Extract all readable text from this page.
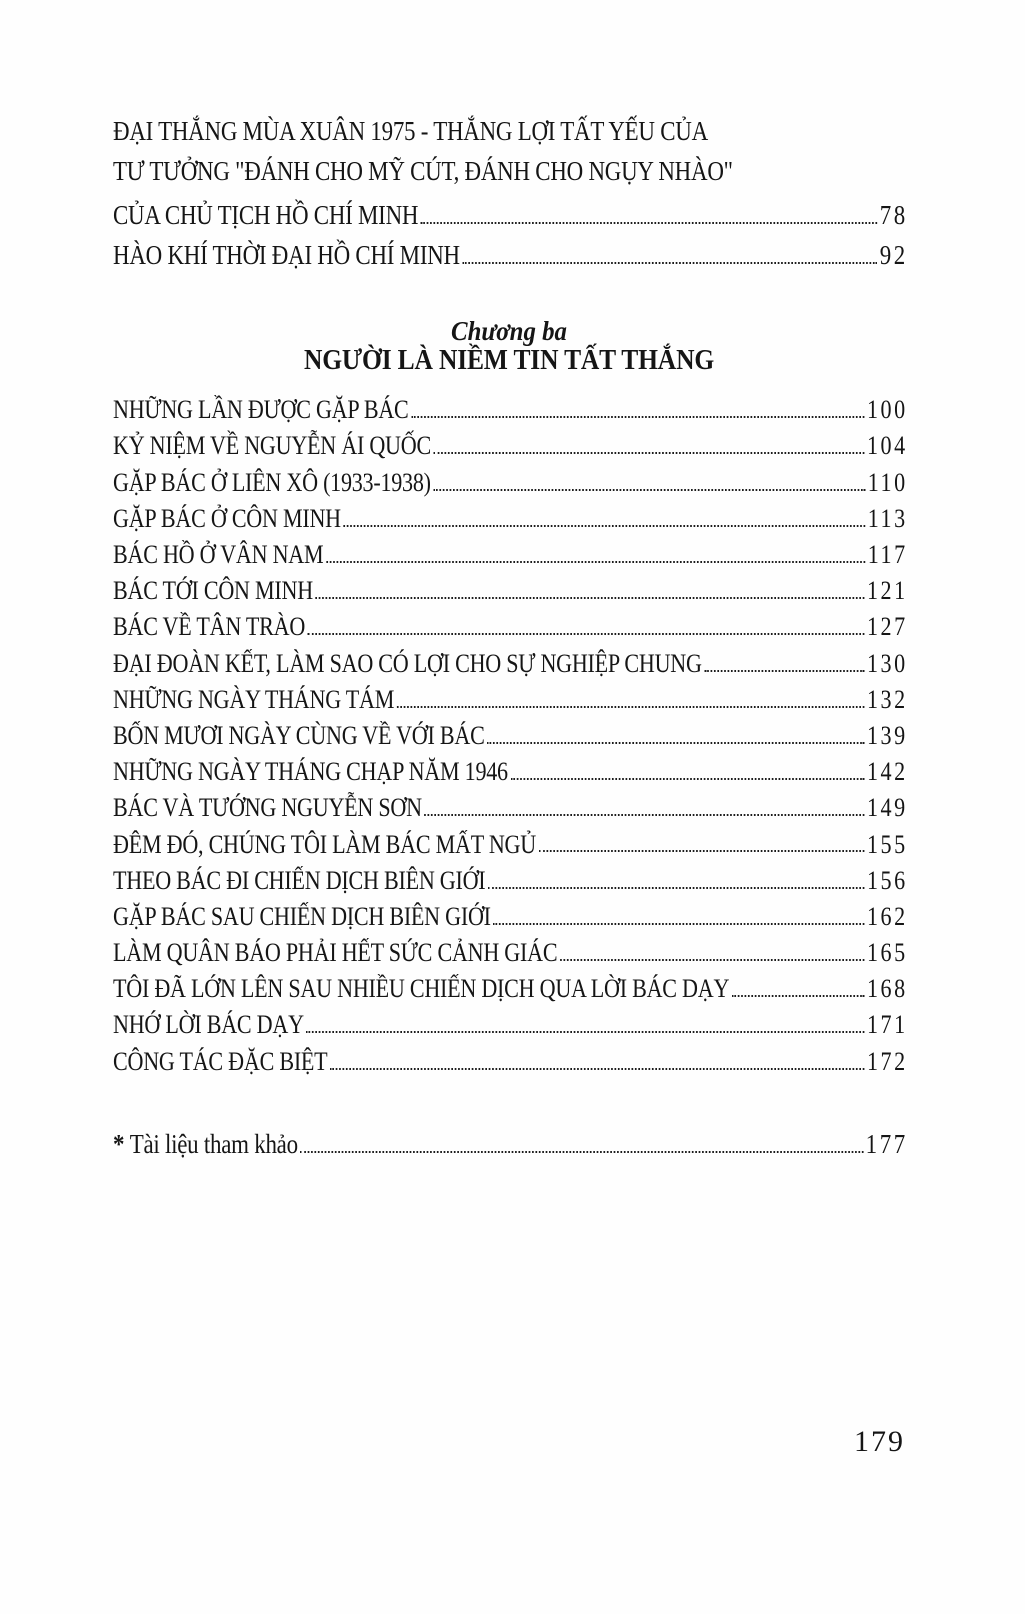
ĐẠI THẮNG MÙA XUÂN 1975 - THẮNG LỢI TẤT YẾU CỦA
TƯ TƯỞNG "ĐÁNH CHO MỸ CÚT, ĐÁNH CHO NGỤY NHÀO"
CỦA CHỦ TỊCH HỒ CHÍ MINH	78
HÀO KHÍ THỜI ĐẠI HỒ CHÍ MINH	92
Chương ba
NGƯỜI LÀ NIỀM TIN TẤT THẮNG
NHỮNG LẦN ĐƯỢC GẶP BÁC	100
KỶ NIỆM VỀ NGUYỄN ÁI QUỐC	104
GẶP BÁC Ở LIÊN XÔ (1933-1938)	110
GẶP BÁC Ở CÔN MINH	113
BÁC HỒ Ở VÂN NAM	117
BÁC TỚI CÔN MINH	121
BÁC VỀ TÂN TRÀO	127
ĐẠI ĐOÀN KẾT, LÀM SAO CÓ LỢI CHO SỰ NGHIỆP CHUNG	130
NHỮNG NGÀY THÁNG TÁM	132
BỐN MƯƠI NGÀY CÙNG VỀ VỚI BÁC	139
NHỮNG NGÀY THÁNG CHẠP NĂM 1946	142
BÁC VÀ TƯỚNG NGUYỄN SƠN	149
ĐÊM ĐÓ, CHÚNG TÔI LÀM BÁC MẤT NGỦ	155
THEO BÁC ĐI CHIẾN DỊCH BIÊN GIỚI	156
GẶP BÁC SAU CHIẾN DỊCH BIÊN GIỚI	162
LÀM QUÂN BÁO PHẢI HẾT SỨC CẢNH GIÁC	165
TÔI ĐÃ LỚN LÊN SAU NHIỀU CHIẾN DỊCH QUA LỜI BÁC DẠY	168
NHỚ LỜI BÁC DẠY	171
CÔNG TÁC ĐẶC BIỆT	172
* Tài liệu tham khảo	177
179
